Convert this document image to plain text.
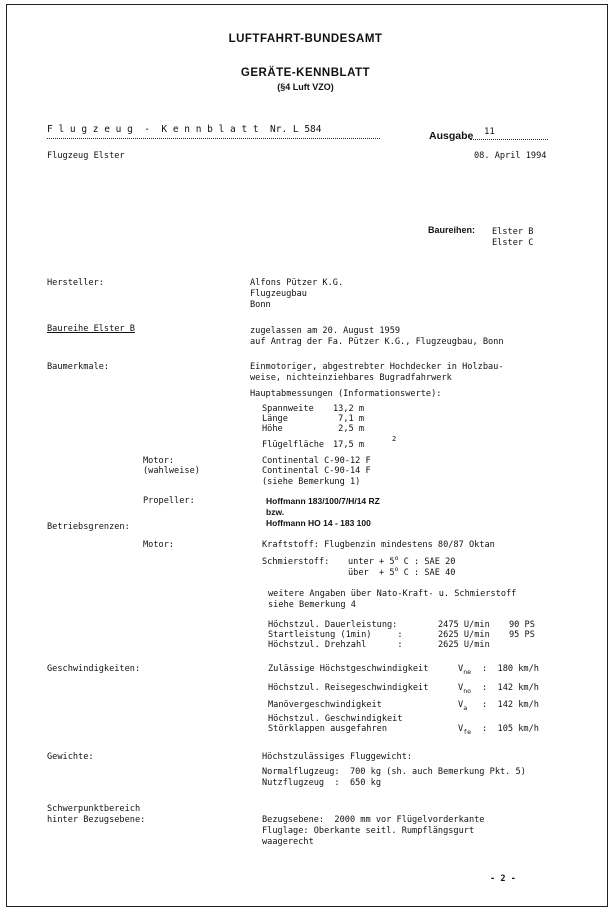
LUFTFAHRT-BUNDESAMT
GERÄTE-KENNBLATT
(§4 Luft VZO)
F l u g z e u g  -  K e n n b l a t t Nr. L 584
Ausgabe 11
Flugzeug Elster	08. April 1994
Baureihen: Elster B
Elster C
Hersteller:	Alfons Pützer K.G.
Flugzeugbau
Bonn
Baureihe Elster B	zugelassen am 20. August 1959
auf Antrag der Fa. Pützer K.G., Flugzeugbau, Bonn
Baumerkmale:	Einmotoriger, abgestrebter Hochdecker in Holzbau-
weise, nichteinziehbares Bugradfahrwerk
Hauptabmessungen (Informationswerte):
Spannweite 13,2 m
Länge	7,1 m
Höhe	2,5 m
Flügelfläche 17,5 m
2
Motor:
(wahlweise)
Continental C-90-12 F
Continental C-90-14 F
(siehe Bemerkung 1)
Propeller:	Hoffmann 183/100/7/H/14 RZ
bzw.
Hoffmann HO 14 - 183 100
Betriebsgrenzen:
Motor:	Kraftstoff: Flugbenzin mindestens 80/87 Oktan
Schmierstoff: unter + $5^o$ C : SAE 20
über  + $5^o$ C : SAE 40
weitere Angaben über Nato-Kraft- u. Schmierstoff
siehe Bemerkung 4
Höchstzul. Dauerleistung:	2475 U/min 90 PS
Startleistung (1min)     :	2625 U/min 95 PS
Höchstzul. Drehzahl      :	2625 U/min
Geschwindigkeiten:	Zulässige Höchstgeschwindigkeit	$V_{ne}$ :  180 km/h
Höchstzul. Reisegeschwindigkeit	$V_{no}$ :  142 km/h
Manövergeschwindigkeit	$V_a$ :  142 km/h
Höchstzul. Geschwindigkeit
Störklappen ausgefahren	$V_{fe}$ :  105 km/h
Gewichte:	Höchstzulässiges Fluggewicht:
Normalflugzeug:  700 kg (sh. auch Bemerkung Pkt. 5)
Nutzflugzeug  :  650 kg
Schwerpunktbereich
hinter Bezugsebene:	Bezugsebene:  2000 mm vor Flügelvorderkante
Fluglage: Oberkante seitl. Rumpflängsgurt
waagerecht
- 2 -
